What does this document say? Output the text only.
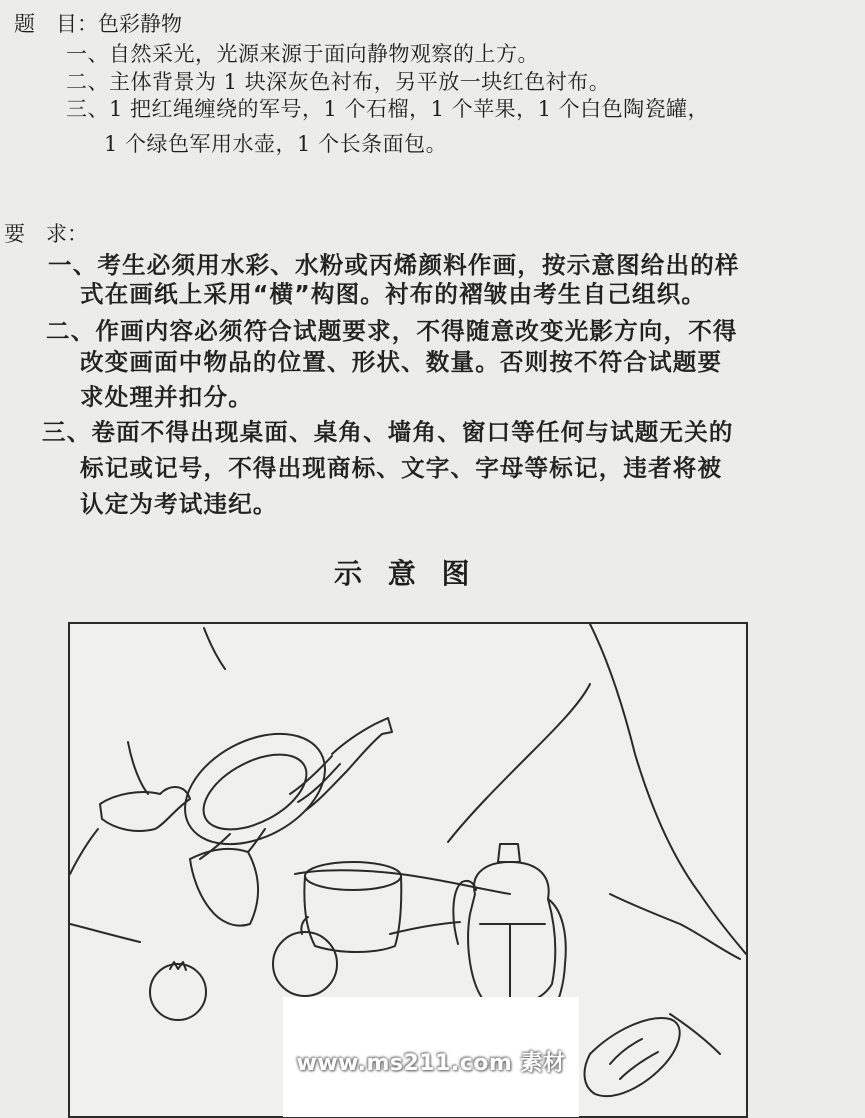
题　目：色彩静物
一、自然采光，光源来源于面向静物观察的上方。
二、主体背景为 1 块深灰色衬布，另平放一块红色衬布。
三、1 把红绳缠绕的军号，1 个石榴，1 个苹果，1 个白色陶瓷罐，
1 个绿色军用水壶，1 个长条面包。
要　求：
一、考生必须用水彩、水粉或丙烯颜料作画，按示意图给出的样
式在画纸上采用“横”构图。衬布的褶皱由考生自己组织。
二、作画内容必须符合试题要求，不得随意改变光影方向，不得
改变画面中物品的位置、形状、数量。否则按不符合试题要
求处理并扣分。
三、卷面不得出现桌面、桌角、墙角、窗口等任何与试题无关的
标记或记号，不得出现商标、文字、字母等标记，违者将被
认定为考试违纪。
示 意 图
www.ms211.com 素材
